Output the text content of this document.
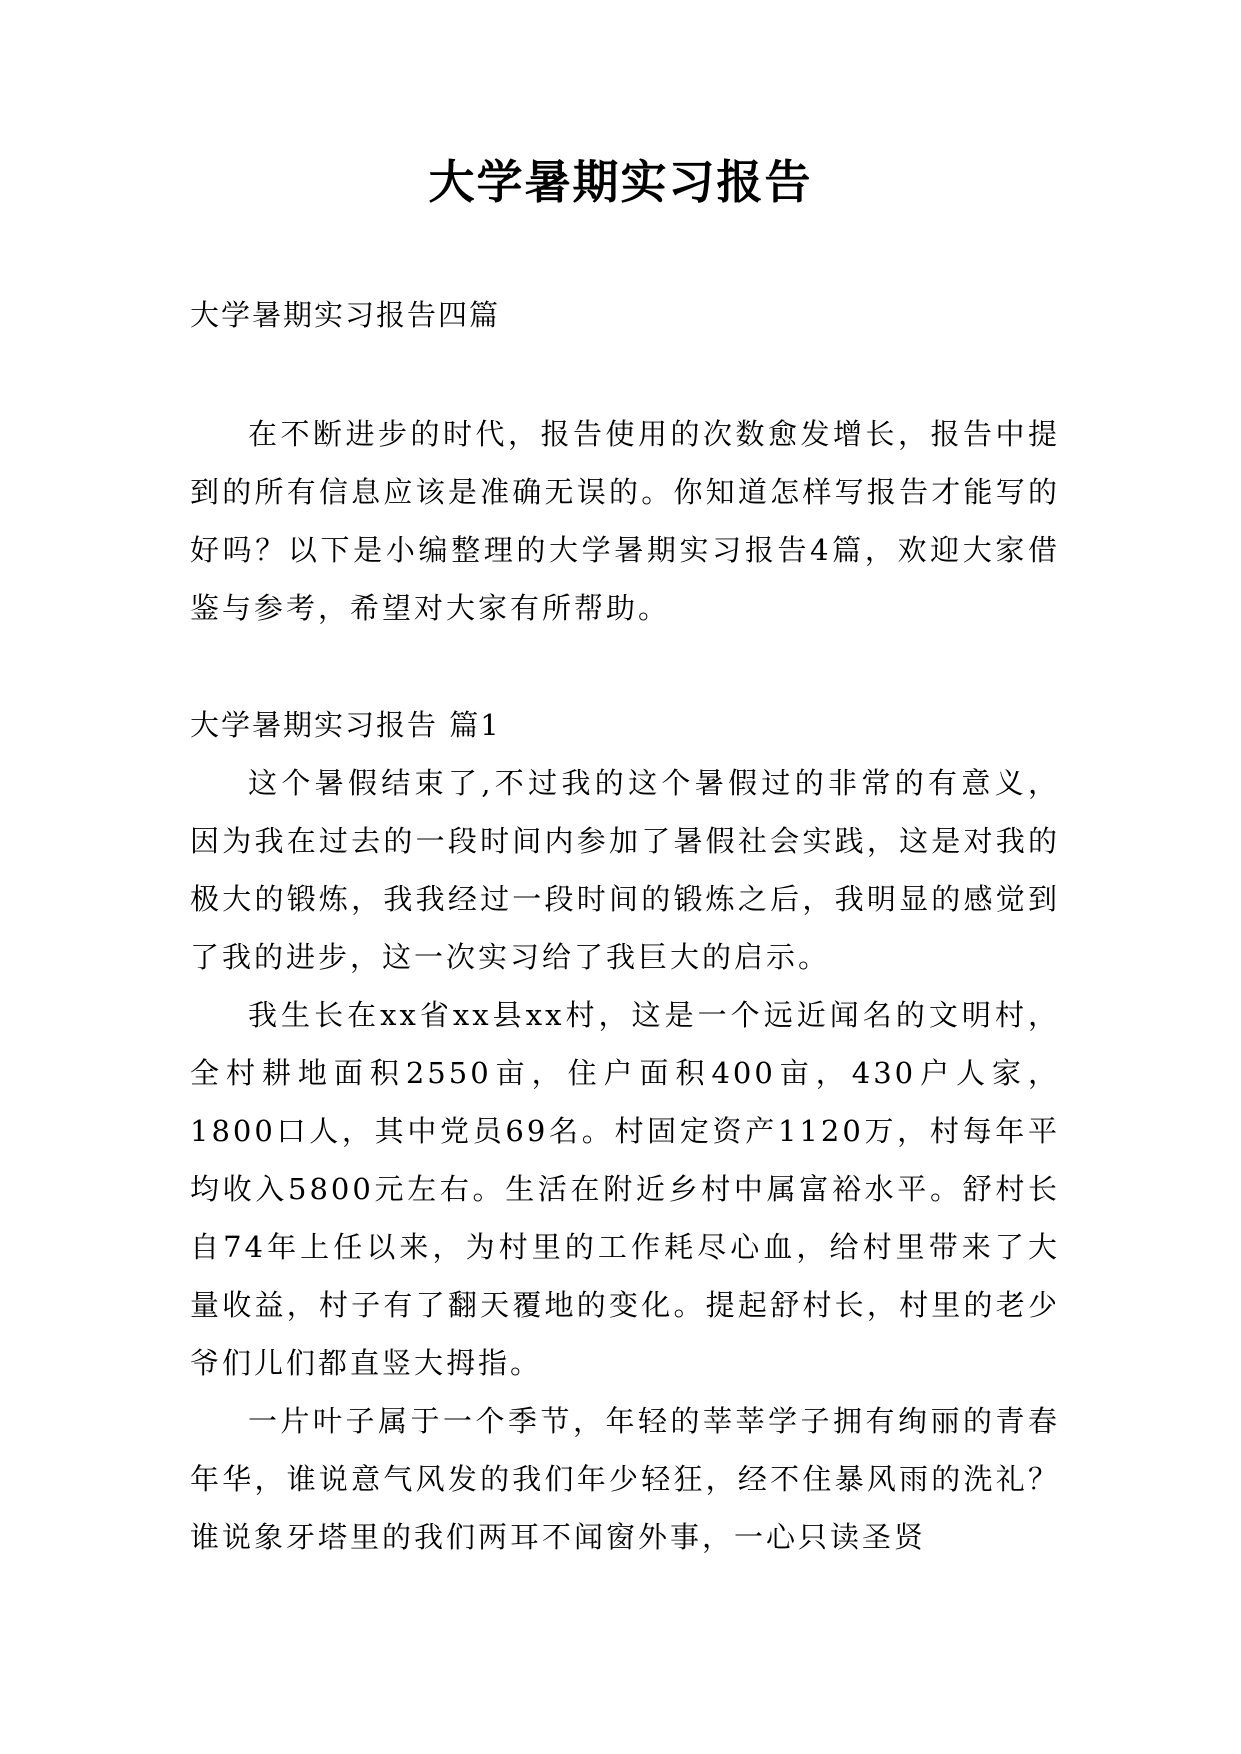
大学暑期实习报告
大学暑期实习报告四篇

在不断进步的时代，报告使用的次数愈发增长，报告中提到的所有信息应该是准确无误的。你知道怎样写报告才能写的好吗？以下是小编整理的大学暑期实习报告4篇，欢迎大家借鉴与参考，希望对大家有所帮助。

大学暑期实习报告 篇1

这个暑假结束了,不过我的这个暑假过的非常的有意义，因为我在过去的一段时间内参加了暑假社会实践，这是对我的极大的锻炼，我我经过一段时间的锻炼之后，我明显的感觉到了我的进步，这一次实习给了我巨大的启示。

我生长在xx省xx县xx村，这是一个远近闻名的文明村，全村耕地面积2550亩，住户面积400亩，430户人家，1800口人，其中党员69名。村固定资产1120万，村每年平均收入5800元左右。生活在附近乡村中属富裕水平。舒村长自74年上任以来，为村里的工作耗尽心血，给村里带来了大量收益，村子有了翻天覆地的变化。提起舒村长，村里的老少爷们儿们都直竖大拇指。

一片叶子属于一个季节，年轻的莘莘学子拥有绚丽的青春年华，谁说意气风发的我们年少轻狂，经不住暴风雨的洗礼？谁说象牙塔里的我们两耳不闻窗外事，一心只读圣贤
